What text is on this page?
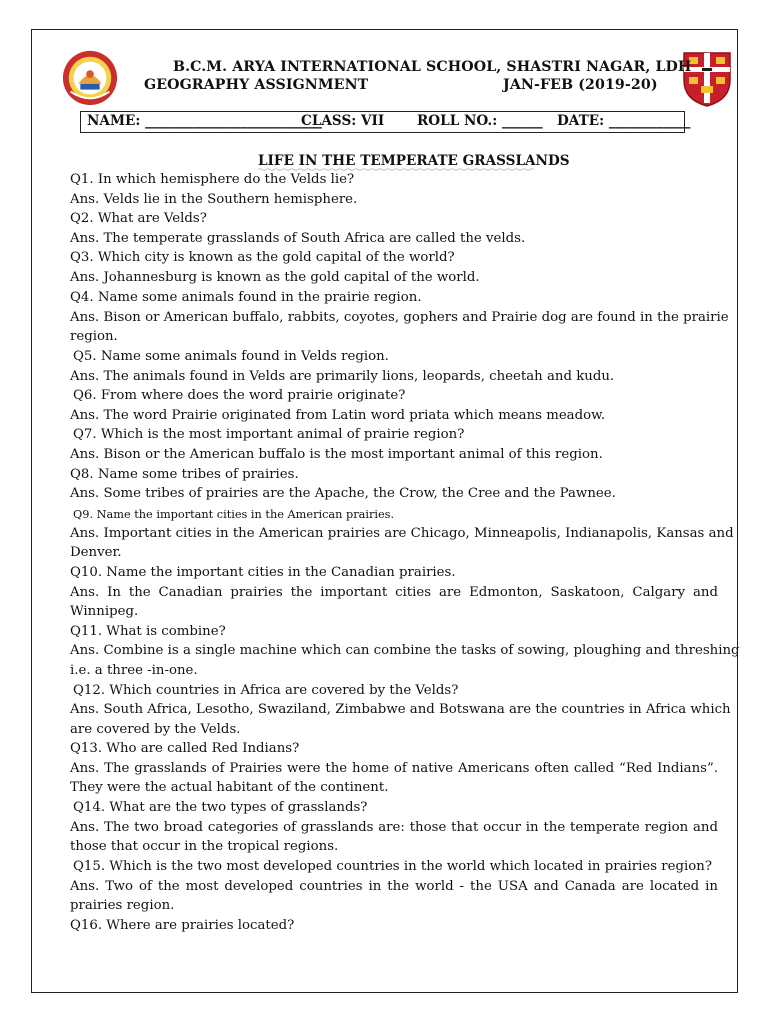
B.C.M. ARYA INTERNATIONAL SCHOOL, SHASTRI NAGAR, LDH
GEOGRAPHY ASSIGNMENT	JAN-FEB (2019-20)
NAME: __________________________
CLASS: VII ROLL NO.: ______ DATE: ____________
LIFE IN THE TEMPERATE GRASSLANDS

Q1. In which hemisphere do the Velds lie?

Ans. Velds lie in the Southern hemisphere.

Q2. What are Velds?

Ans. The temperate grasslands of South Africa are called the velds.

Q3. Which city is known as the gold capital of the world?

Ans. Johannesburg is known as the gold capital of the world.

Q4. Name some animals found in the prairie region.

Ans. Bison or American buffalo, rabbits, coyotes, gophers and Prairie dog are found in the prairie

region.

Q5. Name some animals found in Velds region.

Ans. The animals found in Velds are primarily lions, leopards, cheetah and kudu.

Q6. From where does the word prairie originate?

Ans. The word Prairie originated from Latin word priata which means meadow.

Q7. Which is the most important animal of prairie region?

Ans. Bison or the American buffalo is the most important animal of this region.

Q8. Name some tribes of prairies.

Ans. Some tribes of prairies are the Apache, the Crow, the Cree and the Pawnee.

Q9. Name the important cities in the American prairies.

Ans. Important cities in the American prairies are Chicago, Minneapolis, Indianapolis, Kansas and

Denver.

Q10. Name the important cities in the Canadian prairies.

Ans. In the Canadian prairies the important cities are Edmonton, Saskatoon, Calgary and

Winnipeg.

Q11. What is combine?

Ans. Combine is a single machine which can combine the tasks of sowing, ploughing and threshing

i.e. a three -in-one.

Q12. Which countries in Africa are covered by the Velds?

Ans. South Africa, Lesotho, Swaziland, Zimbabwe and Botswana are the countries in Africa which

are covered by the Velds.

Q13. Who are called Red Indians?

Ans. The grasslands of Prairies were the home of native Americans often called “Red Indians”.

They were the actual habitant of the continent.

Q14. What are the two types of grasslands?

Ans. The two broad categories of grasslands are: those that occur in the temperate region and

those that occur in the tropical regions.

Q15. Which is the two most developed countries in the world which located in prairies region?

Ans. Two of the most developed countries in the world - the USA and Canada are located in

prairies region.

Q16. Where are prairies located?
